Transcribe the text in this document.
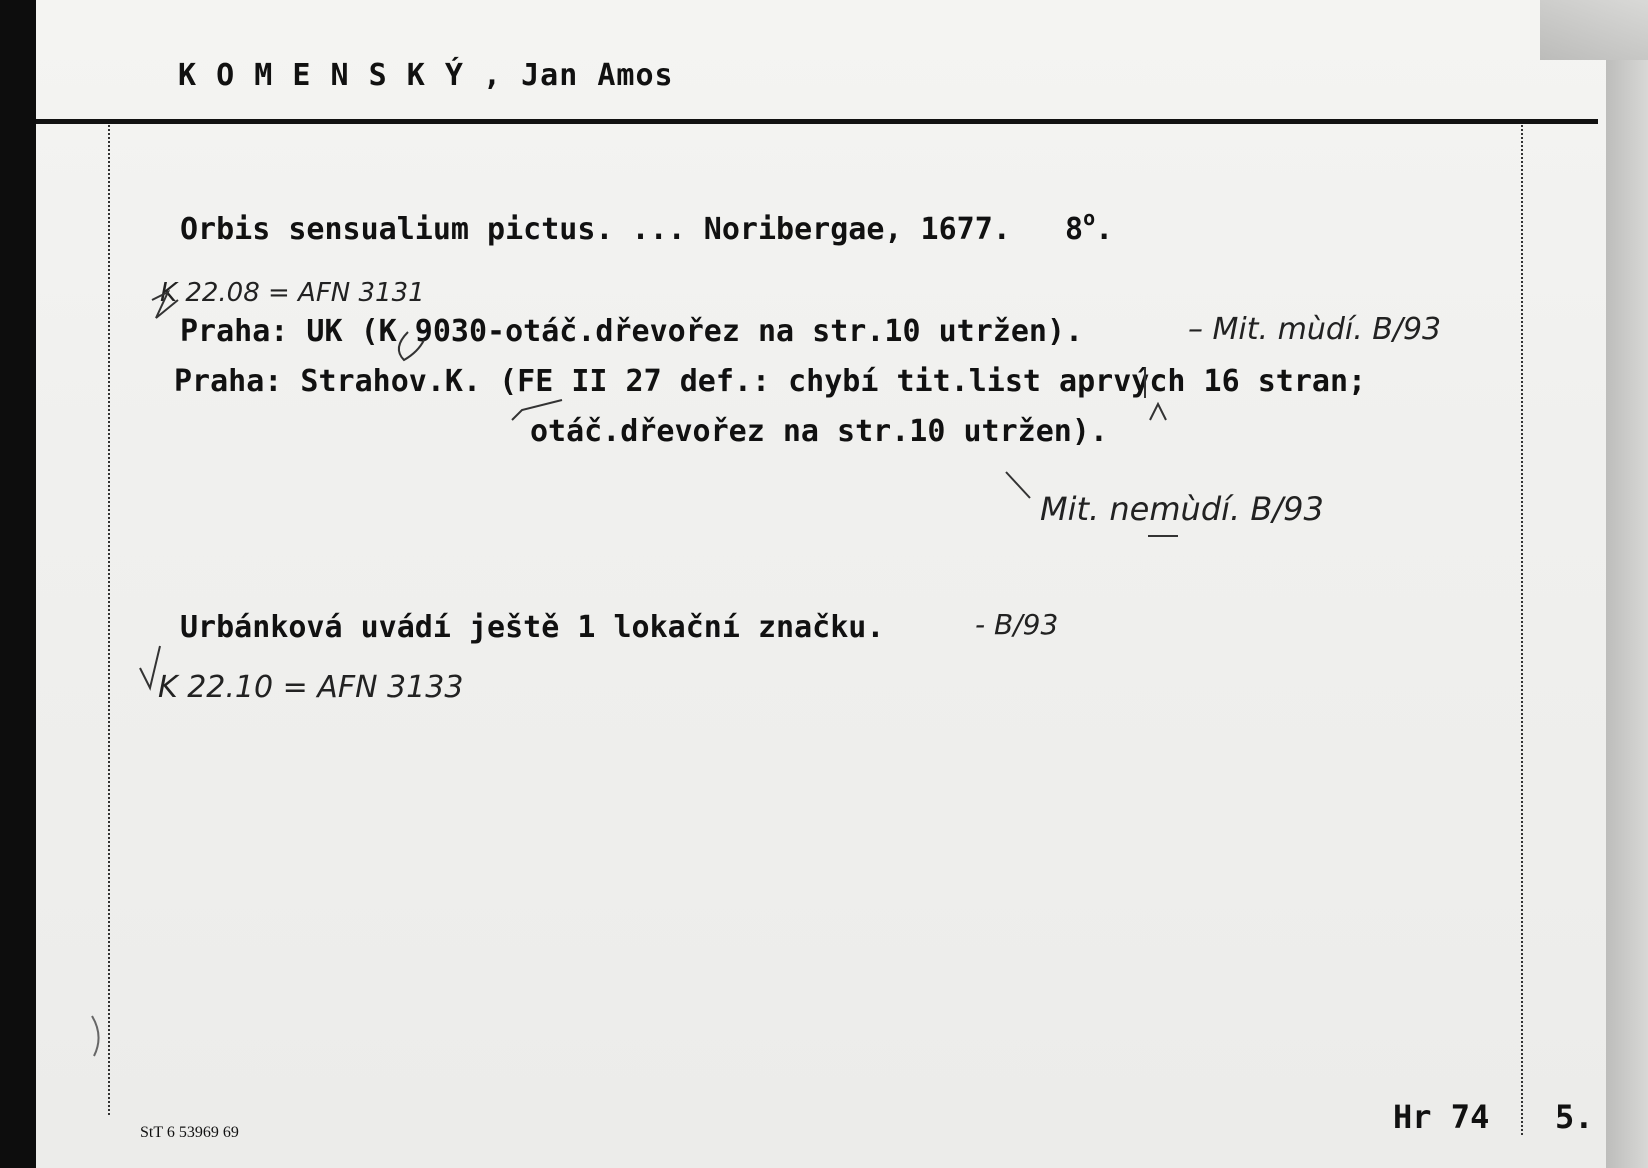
K O M E N S K Ý , Jan Amos
Orbis sensualium pictus. ... Noribergae, 1677. 8$^o$.
K 22.08 = AFN 3131
Praha: UK (K 9030-otáč.dřevořez na str.10 utržen).	– Mit. mùdí. B/93
Praha: Strahov.K. (FE II 27 def.: chybí tit.list aprvých 16 stran;
otáč.dřevořez na str.10 utržen).
Mit. nemùdí. B/93
Urbánková uvádí ještě 1 lokační značku.	- B/93
K 22.10 = AFN 3133
StT 6 53969 69	Hr 74 5.
